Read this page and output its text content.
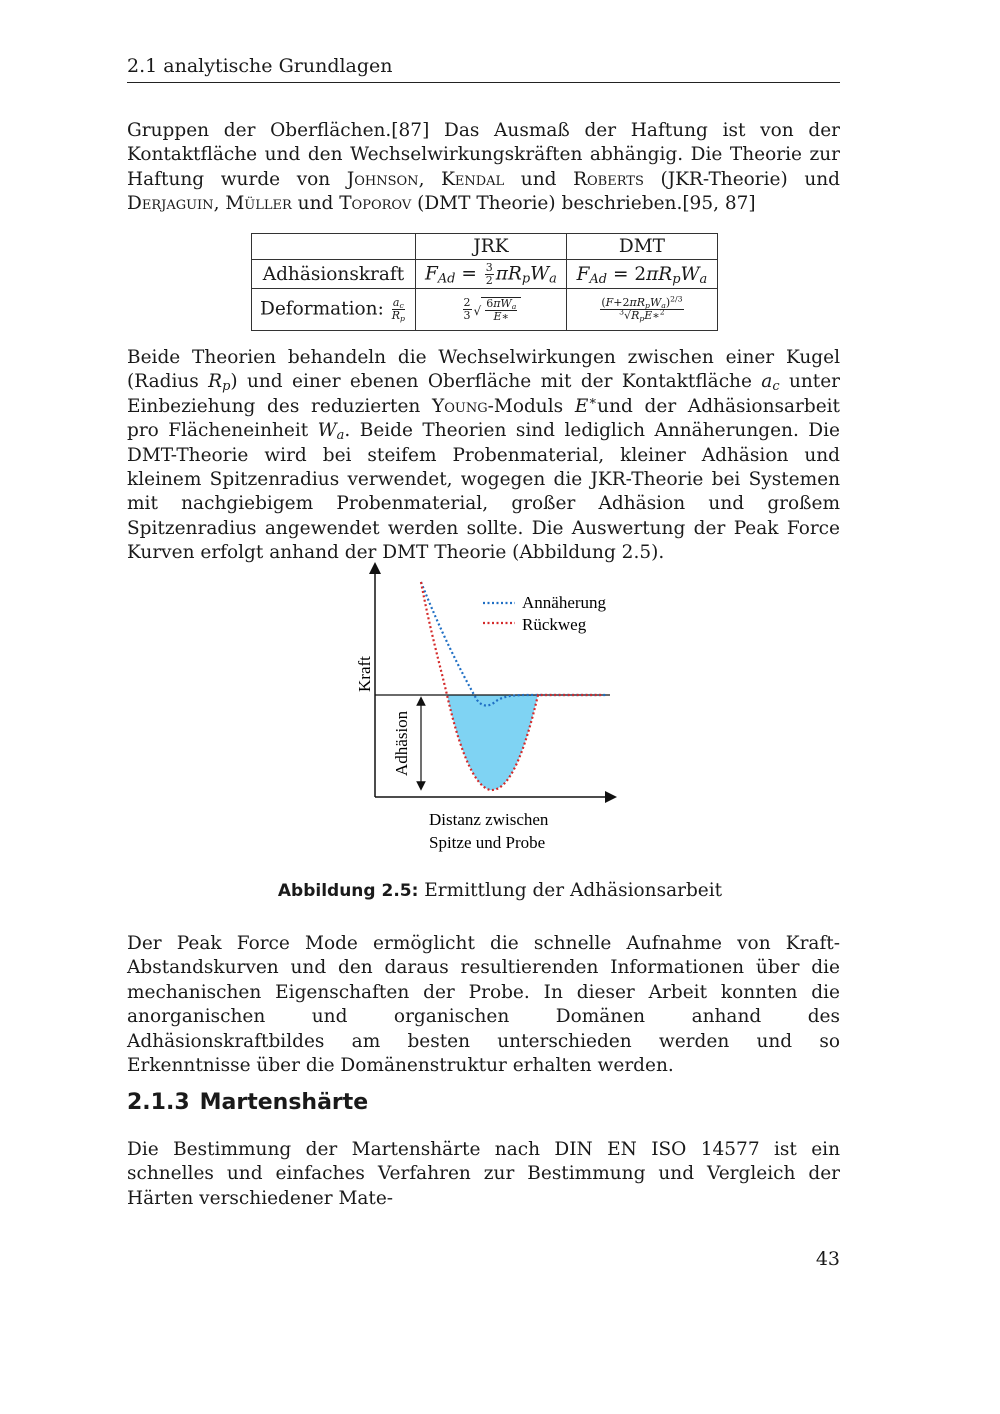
2.1 analytische Grundlagen

Gruppen der Oberflächen.[87] Das Ausmaß der Haftung ist von der Kontaktfläche und den Wechselwirkungskräften abhängig. Die Theorie zur Haftung wurde von Johnson, Kendal und Roberts (JKR-Theorie) und Derjaguin, Müller und Toporov (DMT Theorie) beschrieben.[95, 87]

	JRK	DMT
Adhäsionskraft	$F_{Ad} = \frac{3}{2} \pi R_pW_a$	$F_{Ad} = 2\pi R_pW_a$
Deformation: $\frac{a_c}{R_p}$	$\frac{2}{3}$ √ $\frac{6\pi W_a}{E∗}$	$\frac{(F+2\pi R_pW_a)^{2/3}}{^3√R_pE∗^2}$

Beide Theorien behandeln die Wechselwirkungen zwischen einer Kugel (Radius $R_p$) und einer ebenen Oberfläche mit der Kontaktfläche $a_c$ unter Einbeziehung des reduzierten Young-Moduls E∗und der Adhäsionsarbeit pro Flächeneinheit $W_a$. Beide Theorien sind lediglich Annäherungen. Die DMT-Theorie wird bei steifem Probenmaterial, kleiner Adhäsion und kleinem Spitzenradius verwendet, wogegen die JKR-Theorie bei Systemen mit nachgiebigem Probenmaterial, großer Adhäsion und großem Spitzenradius angewendet werden sollte. Die Auswertung der Peak Force Kurven erfolgt anhand der DMT Theorie (Abbildung 2.5).

Annäherung
Rückweg
Kraft
Adhäsion
Distanz zwischen
Spitze und Probe
Abbildung 2.5: Ermittlung der Adhäsionsarbeit

Der Peak Force Mode ermöglicht die schnelle Aufnahme von Kraft-Abstandskurven und den daraus resultierenden Informationen über die mechanischen Eigenschaften der Probe. In dieser Arbeit konnten die anorganischen und organischen Domänen anhand des Adhäsionskraftbildes am besten unterschieden werden und so Erkenntnisse über die Domänenstruktur erhalten werden.

2.1.3 Martenshärte

Die Bestimmung der Martenshärte nach DIN EN ISO 14577 ist ein schnelles und einfaches Verfahren zur Bestimmung und Vergleich der Härten verschiedener Mate-

43
